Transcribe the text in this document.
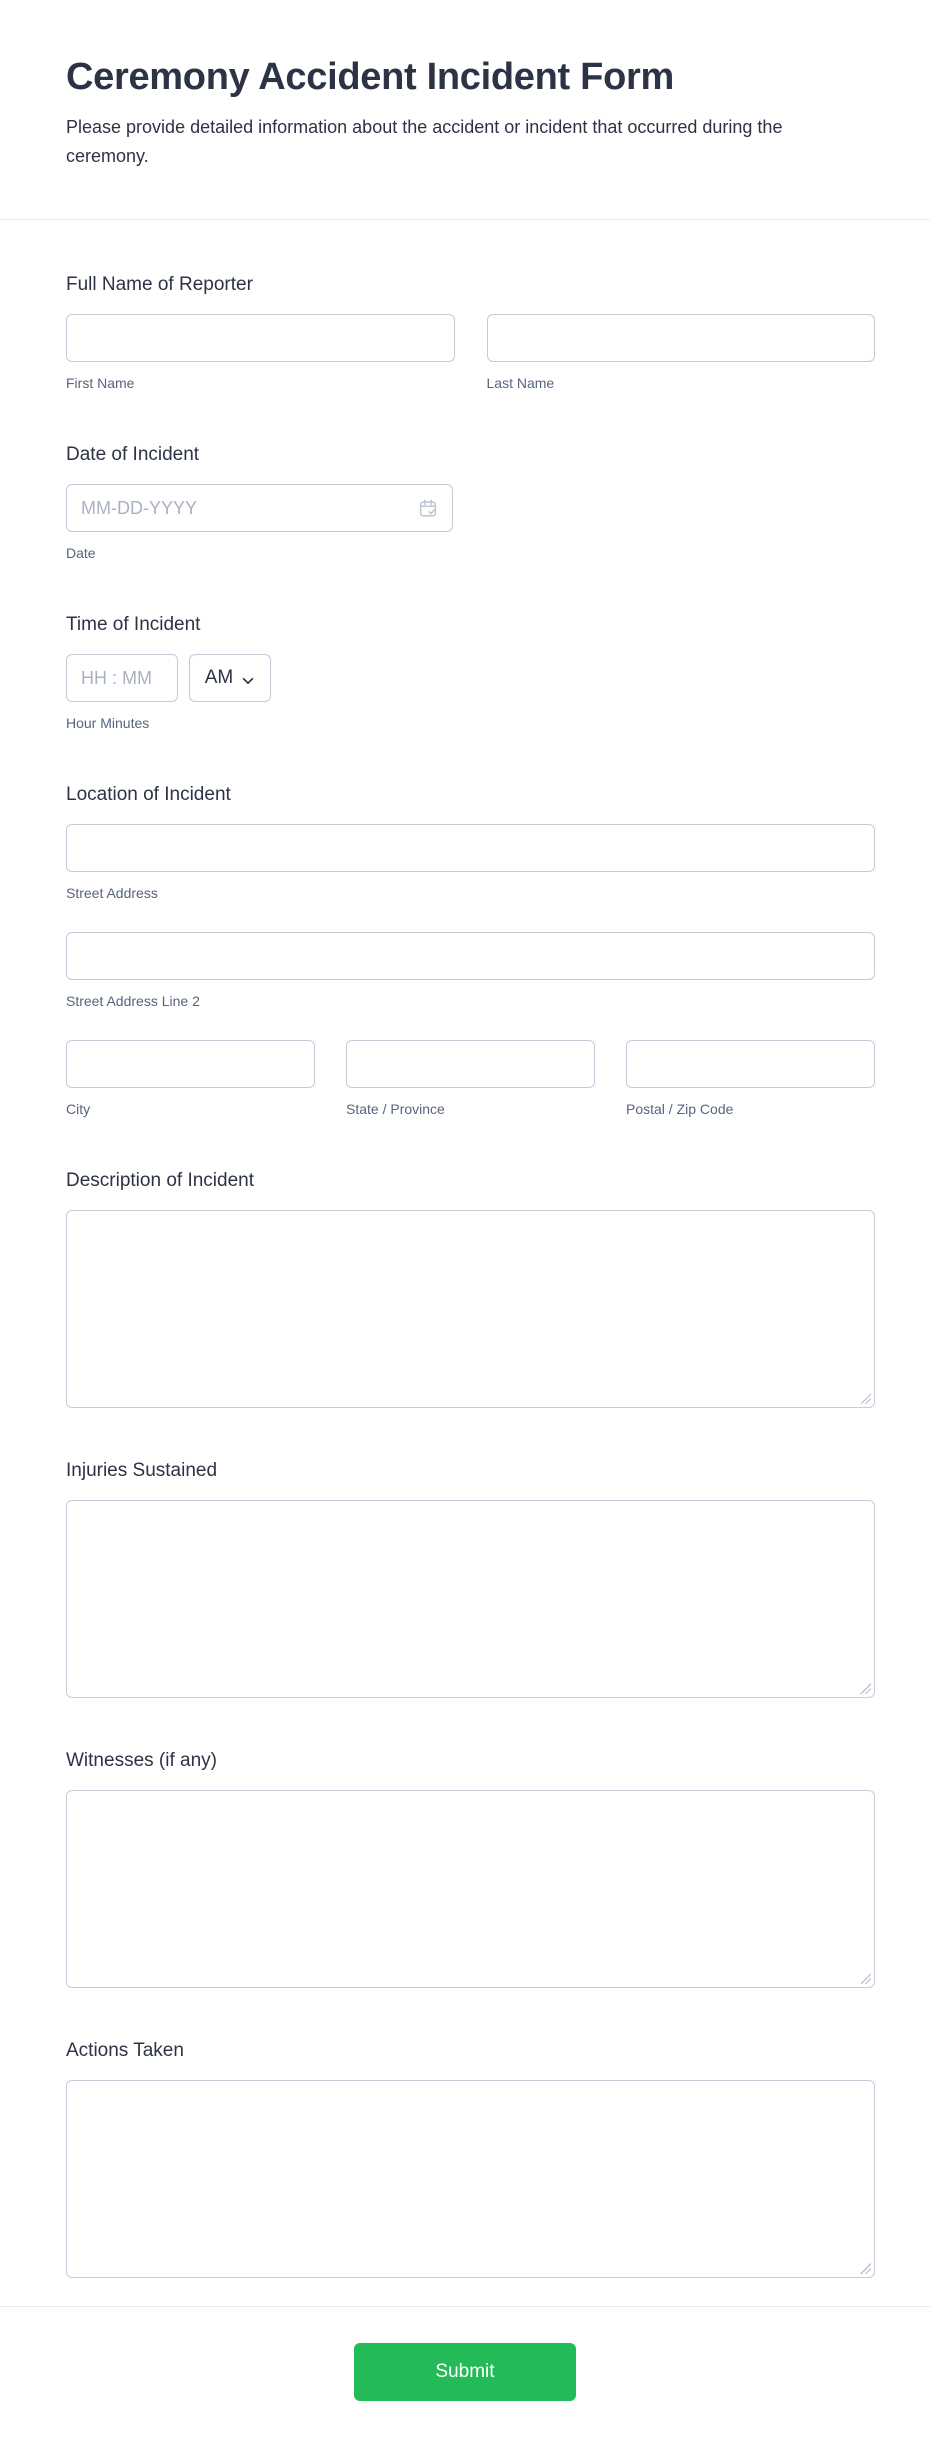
Ceremony Accident Incident Form
Please provide detailed information about the accident or incident that occurred during the ceremony.
Full Name of Reporter
First Name	Last Name
Date of Incident
MM-DD-YYYY
Date
Time of Incident
HH : MM
AM
Hour Minutes
Location of Incident
Street Address
Street Address Line 2
City	State / Province	Postal / Zip Code
Description of Incident
Injuries Sustained
Witnesses (if any)
Actions Taken
Submit
